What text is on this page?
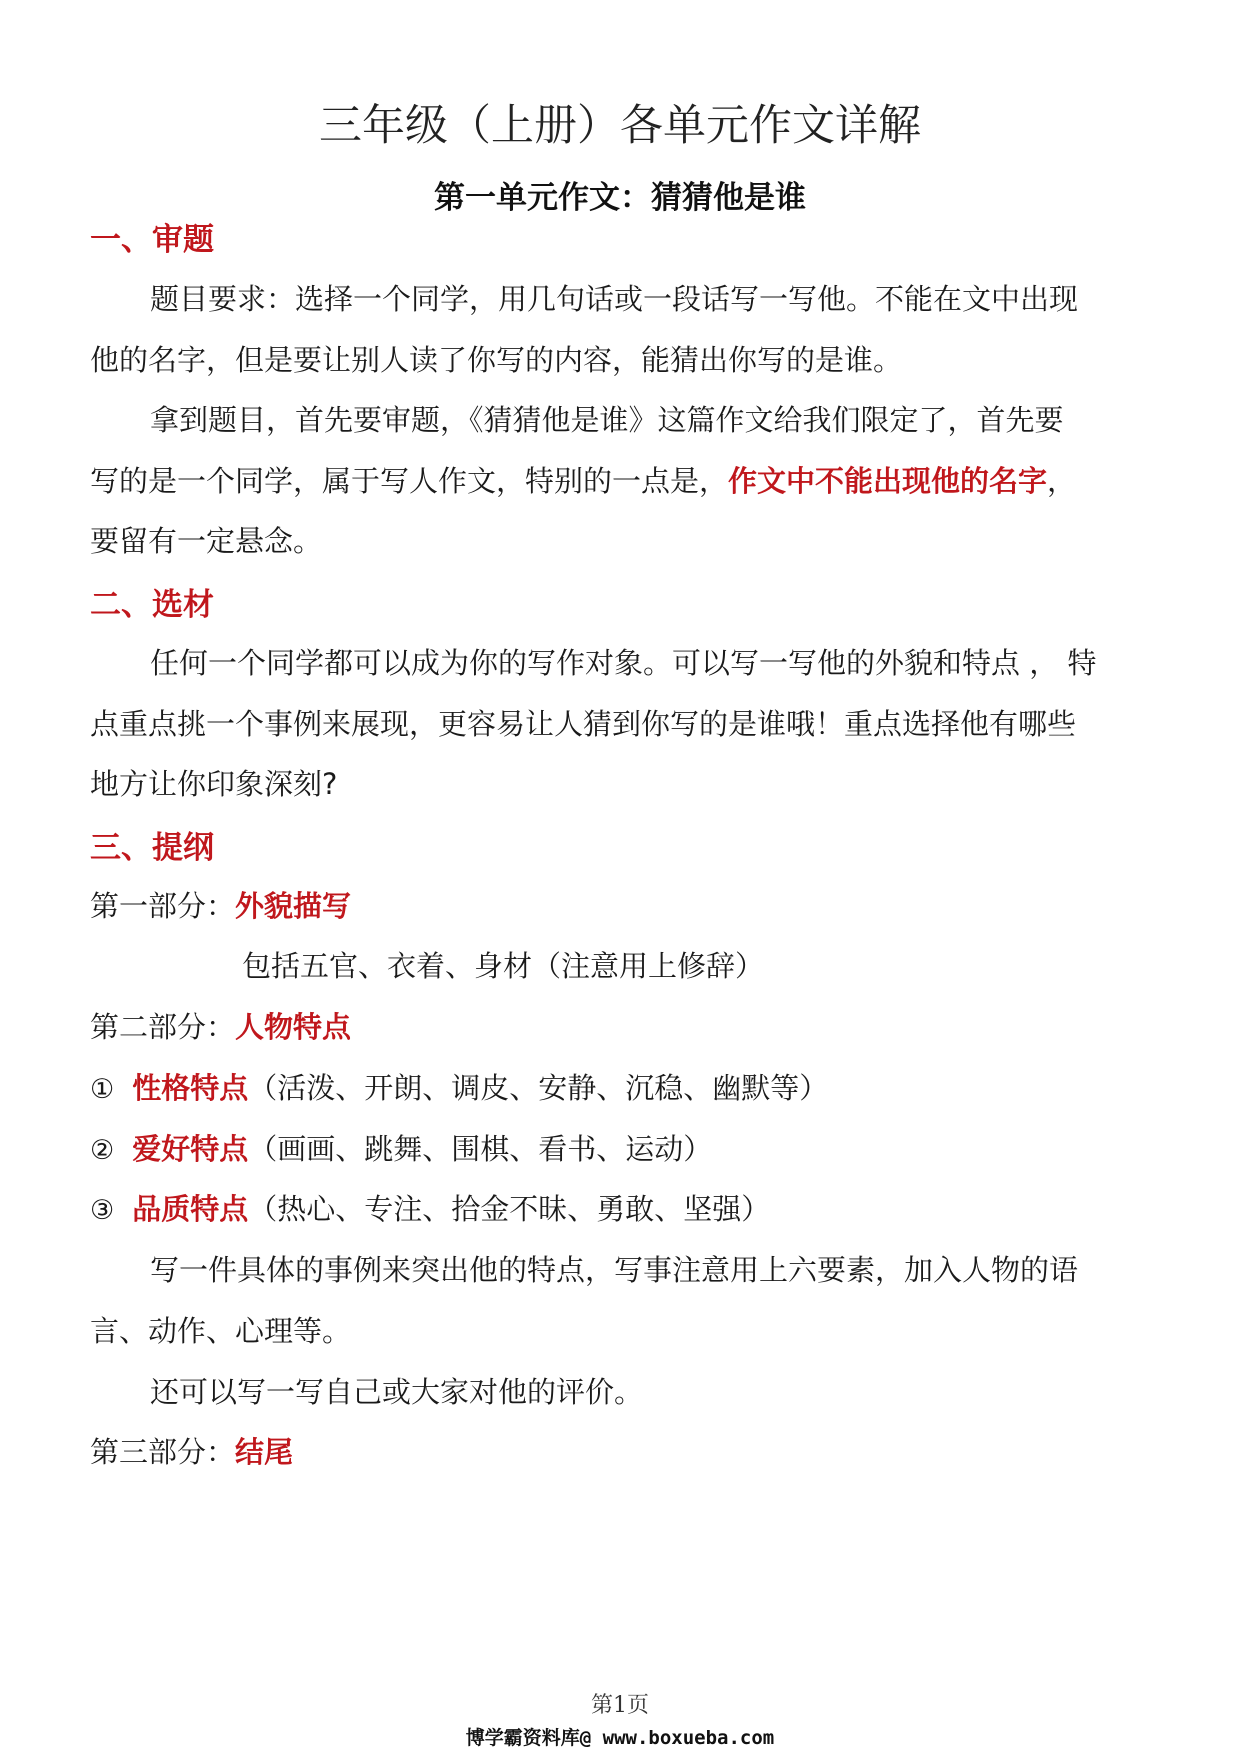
三年级（上册）各单元作文详解
第一单元作文：猜猜他是谁
一、审题
题目要求：选择一个同学，用几句话或一段话写一写他。不能在文中出现
他的名字，但是要让别人读了你写的内容，能猜出你写的是谁。
拿到题目，首先要审题，《猜猜他是谁》这篇作文给我们限定了，首先要
写的是一个同学，属于写人作文，特别的一点是，作文中不能出现他的名字，
要留有一定悬念。
二、选材
任何一个同学都可以成为你的写作对象。可以写一写他的外貌和特点 ， 特
点重点挑一个事例来展现，更容易让人猜到你写的是谁哦！重点选择他有哪些
地方让你印象深刻?
三、提纲
第一部分：外貌描写
包括五官、衣着、身材（注意用上修辞）
第二部分：人物特点
① 性格特点（活泼、开朗、调皮、安静、沉稳、幽默等）
② 爱好特点（画画、跳舞、围棋、看书、运动）
③ 品质特点（热心、专注、拾金不昧、勇敢、坚强）
写一件具体的事例来突出他的特点，写事注意用上六要素，加入人物的语
言、动作、心理等。
还可以写一写自己或大家对他的评价。
第三部分：结尾
第1页
博学霸资料库@ www.boxueba.com
